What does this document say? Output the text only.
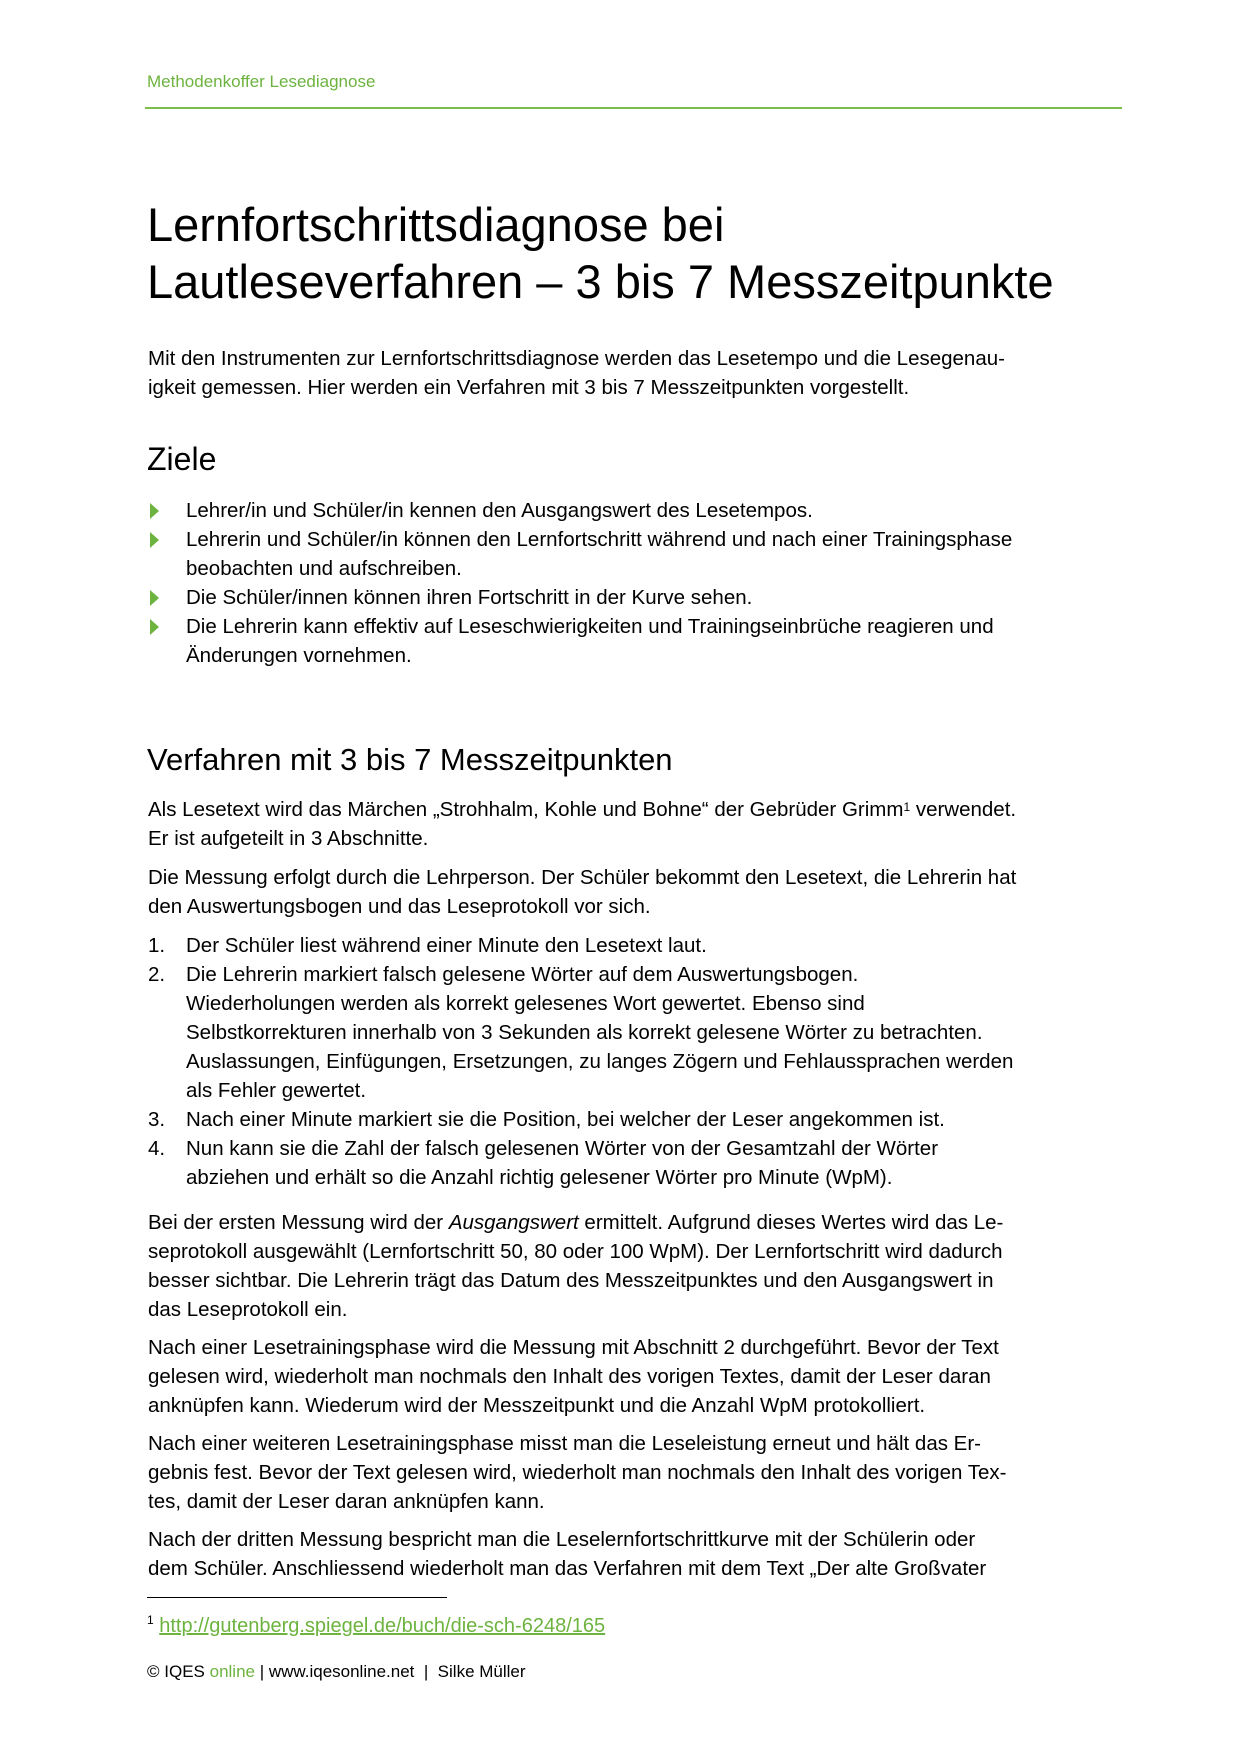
Methodenkoffer Lesediagnose
Lernfortschrittsdiagnose bei
Lautleseverfahren – 3 bis 7 Messzeitpunkte

Mit den Instrumenten zur Lernfortschrittsdiagnose werden das Lesetempo und die Lesegenau-
igkeit gemessen. Hier werden ein Verfahren mit 3 bis 7 Messzeitpunkten vorgestellt.

Ziele
Lehrer/in und Schüler/in kennen den Ausgangswert des Lesetempos.
Lehrerin und Schüler/in können den Lernfortschritt während und nach einer Trainingsphase
beobachten und aufschreiben.
Die Schüler/innen können ihren Fortschritt in der Kurve sehen.
Die Lehrerin kann effektiv auf Leseschwierigkeiten und Trainingseinbrüche reagieren und
Änderungen vornehmen.
Verfahren mit 3 bis 7 Messzeitpunkten

Als Lesetext wird das Märchen „Strohhalm, Kohle und Bohne“ der Gebrüder Grimm$^1$ verwendet.
Er ist aufgeteilt in 3 Abschnitte.

Die Messung erfolgt durch die Lehrperson. Der Schüler bekommt den Lesetext, die Lehrerin hat
den Auswertungsbogen und das Leseprotokoll vor sich.

1. Der Schüler liest während einer Minute den Lesetext laut.
2. Die Lehrerin markiert falsch gelesene Wörter auf dem Auswertungsbogen.
Wiederholungen werden als korrekt gelesenes Wort gewertet. Ebenso sind
Selbstkorrekturen innerhalb von 3 Sekunden als korrekt gelesene Wörter zu betrachten.
Auslassungen, Einfügungen, Ersetzungen, zu langes Zögern und Fehlaussprachen werden
als Fehler gewertet.
3. Nach einer Minute markiert sie die Position, bei welcher der Leser angekommen ist.
4. Nun kann sie die Zahl der falsch gelesenen Wörter von der Gesamtzahl der Wörter
abziehen und erhält so die Anzahl richtig gelesener Wörter pro Minute (WpM).

Bei der ersten Messung wird der Ausgangswert ermittelt. Aufgrund dieses Wertes wird das Le-
seprotokoll ausgewählt (Lernfortschritt 50, 80 oder 100 WpM). Der Lernfortschritt wird dadurch
besser sichtbar. Die Lehrerin trägt das Datum des Messzeitpunktes und den Ausgangswert in
das Leseprotokoll ein.

Nach einer Lesetrainingsphase wird die Messung mit Abschnitt 2 durchgeführt. Bevor der Text
gelesen wird, wiederholt man nochmals den Inhalt des vorigen Textes, damit der Leser daran
anknüpfen kann. Wiederum wird der Messzeitpunkt und die Anzahl WpM protokolliert.

Nach einer weiteren Lesetrainingsphase misst man die Leseleistung erneut und hält das Er-
gebnis fest. Bevor der Text gelesen wird, wiederholt man nochmals den Inhalt des vorigen Tex-
tes, damit der Leser daran anknüpfen kann.

Nach der dritten Messung bespricht man die Leselernfortschrittkurve mit der Schülerin oder
dem Schüler. Anschliessend wiederholt man das Verfahren mit dem Text „Der alte Großvater

$^1$ http://gutenberg.spiegel.de/buch/die-sch-6248/165
© IQES online | www.iqesonline.net  |  Silke Müller
